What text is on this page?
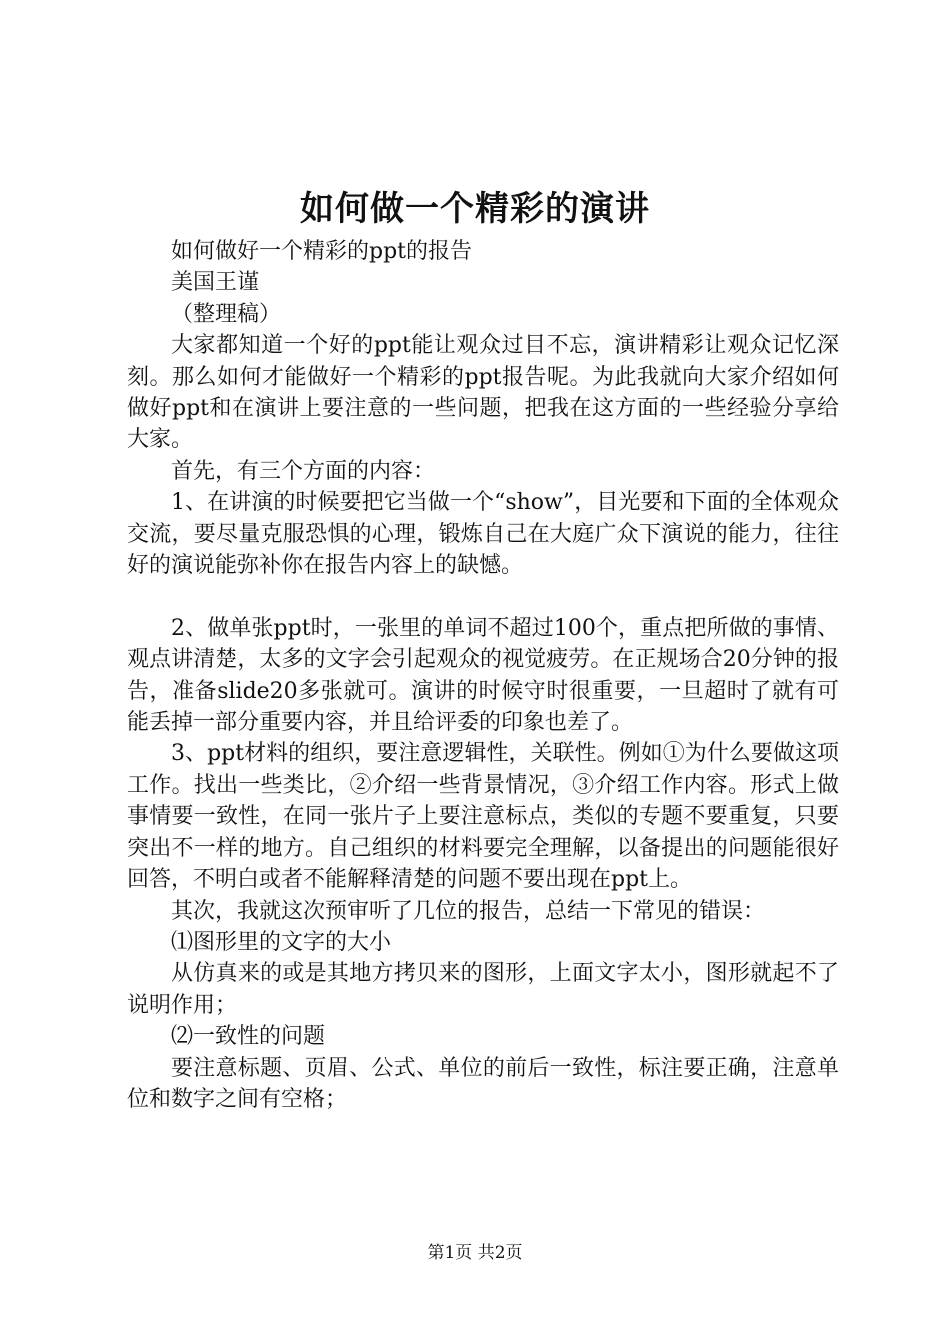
如何做一个精彩的演讲

如何做好一个精彩的ppt的报告

美国王谨

（整理稿）

大家都知道一个好的ppt能让观众过目不忘，演讲精彩让观众记忆深刻。那么如何才能做好一个精彩的ppt报告呢。为此我就向大家介绍如何做好ppt和在演讲上要注意的一些问题，把我在这方面的一些经验分享给大家。

首先，有三个方面的内容：

1、在讲演的时候要把它当做一个“show”，目光要和下面的全体观众交流，要尽量克服恐惧的心理，锻炼自己在大庭广众下演说的能力，往往好的演说能弥补你在报告内容上的缺憾。

2、做单张ppt时，一张里的单词不超过100个，重点把所做的事情、观点讲清楚，太多的文字会引起观众的视觉疲劳。在正规场合20分钟的报告，准备slide20多张就可。演讲的时候守时很重要，一旦超时了就有可能丢掉一部分重要内容，并且给评委的印象也差了。

3、ppt材料的组织，要注意逻辑性，关联性。例如①为什么要做这项工作。找出一些类比，②介绍一些背景情况，③介绍工作内容。形式上做事情要一致性，在同一张片子上要注意标点，类似的专题不要重复，只要突出不一样的地方。自己组织的材料要完全理解，以备提出的问题能很好回答，不明白或者不能解释清楚的问题不要出现在ppt上。

其次，我就这次预审听了几位的报告，总结一下常见的错误：

⑴图形里的文字的大小

从仿真来的或是其地方拷贝来的图形，上面文字太小，图形就起不了说明作用；

⑵一致性的问题

要注意标题、页眉、公式、单位的前后一致性，标注要正确，注意单位和数字之间有空格；

第1页 共2页
